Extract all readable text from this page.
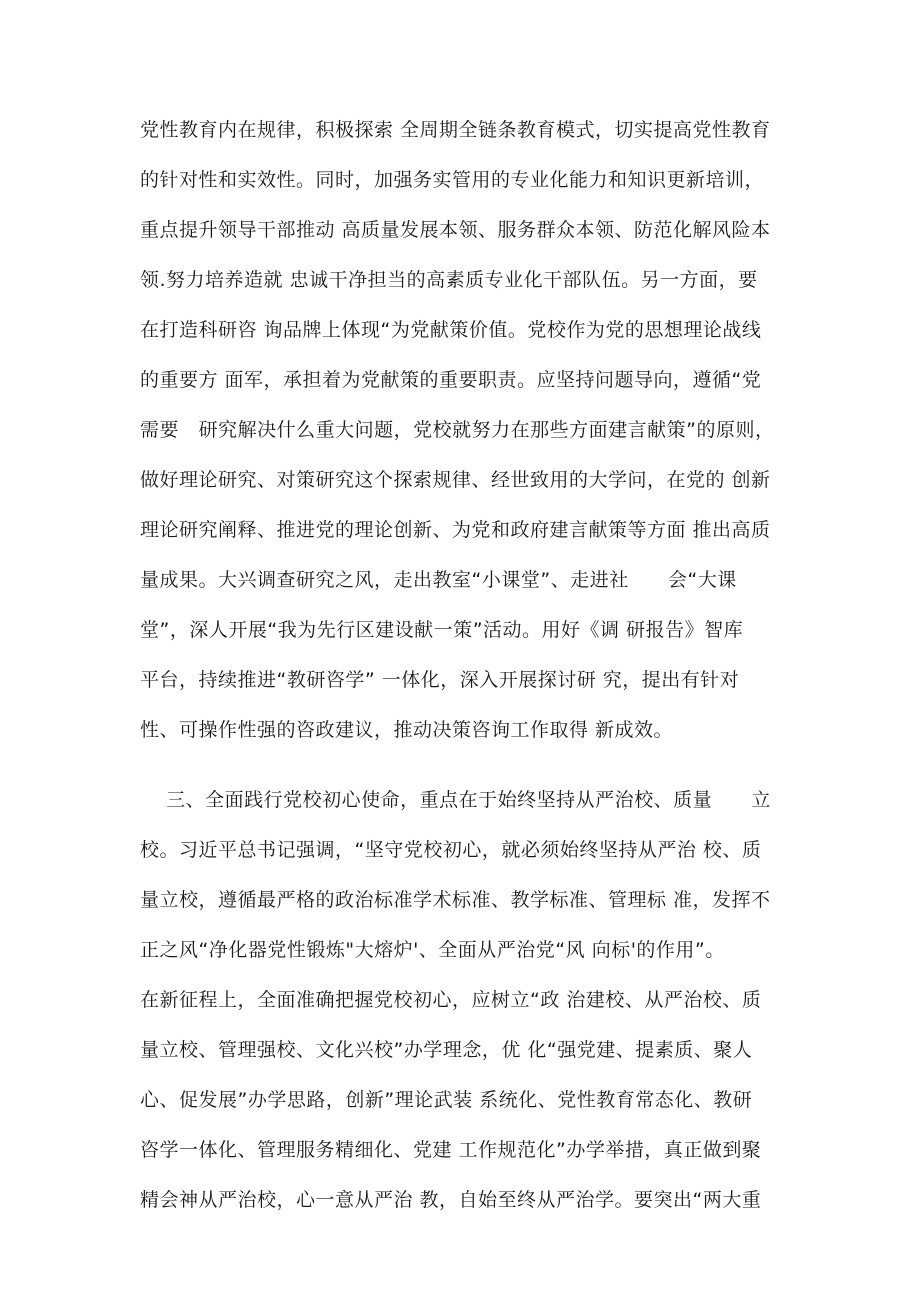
党性教育内在规律，积极探索 全周期全链条教育模式，切实提高党性教育
的针对性和实效性。同时，加强务实管用的专业化能力和知识更新培训，
重点提升领导干部推动 高质量发展本领、服务群众本领、防范化解风险本
领.努力培养造就 忠诚干净担当的高素质专业化干部队伍。另一方面，要
在打造科研咨 询品牌上体现“为党献策价值。党校作为党的思想理论战线
的重要方 面军，承担着为党献策的重要职责。应坚持问题导向，遵循“党
需要   研究解决什么重大问题，党校就努力在那些方面建言献策”的原则，
做好理论研究、对策研究这个探索规律、经世致用的大学问，在党的 创新
理论研究阐释、推进党的理论创新、为党和政府建言献策等方面 推出高质
量成果。大兴调查研究之风，走出教室“小课堂”、走进社      会“大课
堂”，深人开展“我为先行区建设献一策”活动。用好《调 研报告》智库
平台，持续推进“教研咨学” 一体化，深入开展探讨研 究，提出有针对
性、可操作性强的咨政建议，推动决策咨询工作取得 新成效。
三、全面践行党校初心使命，重点在于始终坚持从严治校、质量      立
校。习近平总书记强调，“坚守党校初心，就必须始终坚持从严治 校、质
量立校，遵循最严格的政治标准学术标准、教学标准、管理标 准，发挥不
正之风“净化器党性锻炼"大熔炉'、全面从严治党“风 向标'的作用”。
在新征程上，全面准确把握党校初心，应树立“政 治建校、从严治校、质
量立校、管理强校、文化兴校”办学理念，优 化“强党建、提素质、聚人
心、促发展”办学思路，创新”理论武装 系统化、党性教育常态化、教研
咨学一体化、管理服务精细化、党建 工作规范化”办学举措，真正做到聚
精会神从严治校，心一意从严治 教，自始至终从严治学。要突出“两大重
